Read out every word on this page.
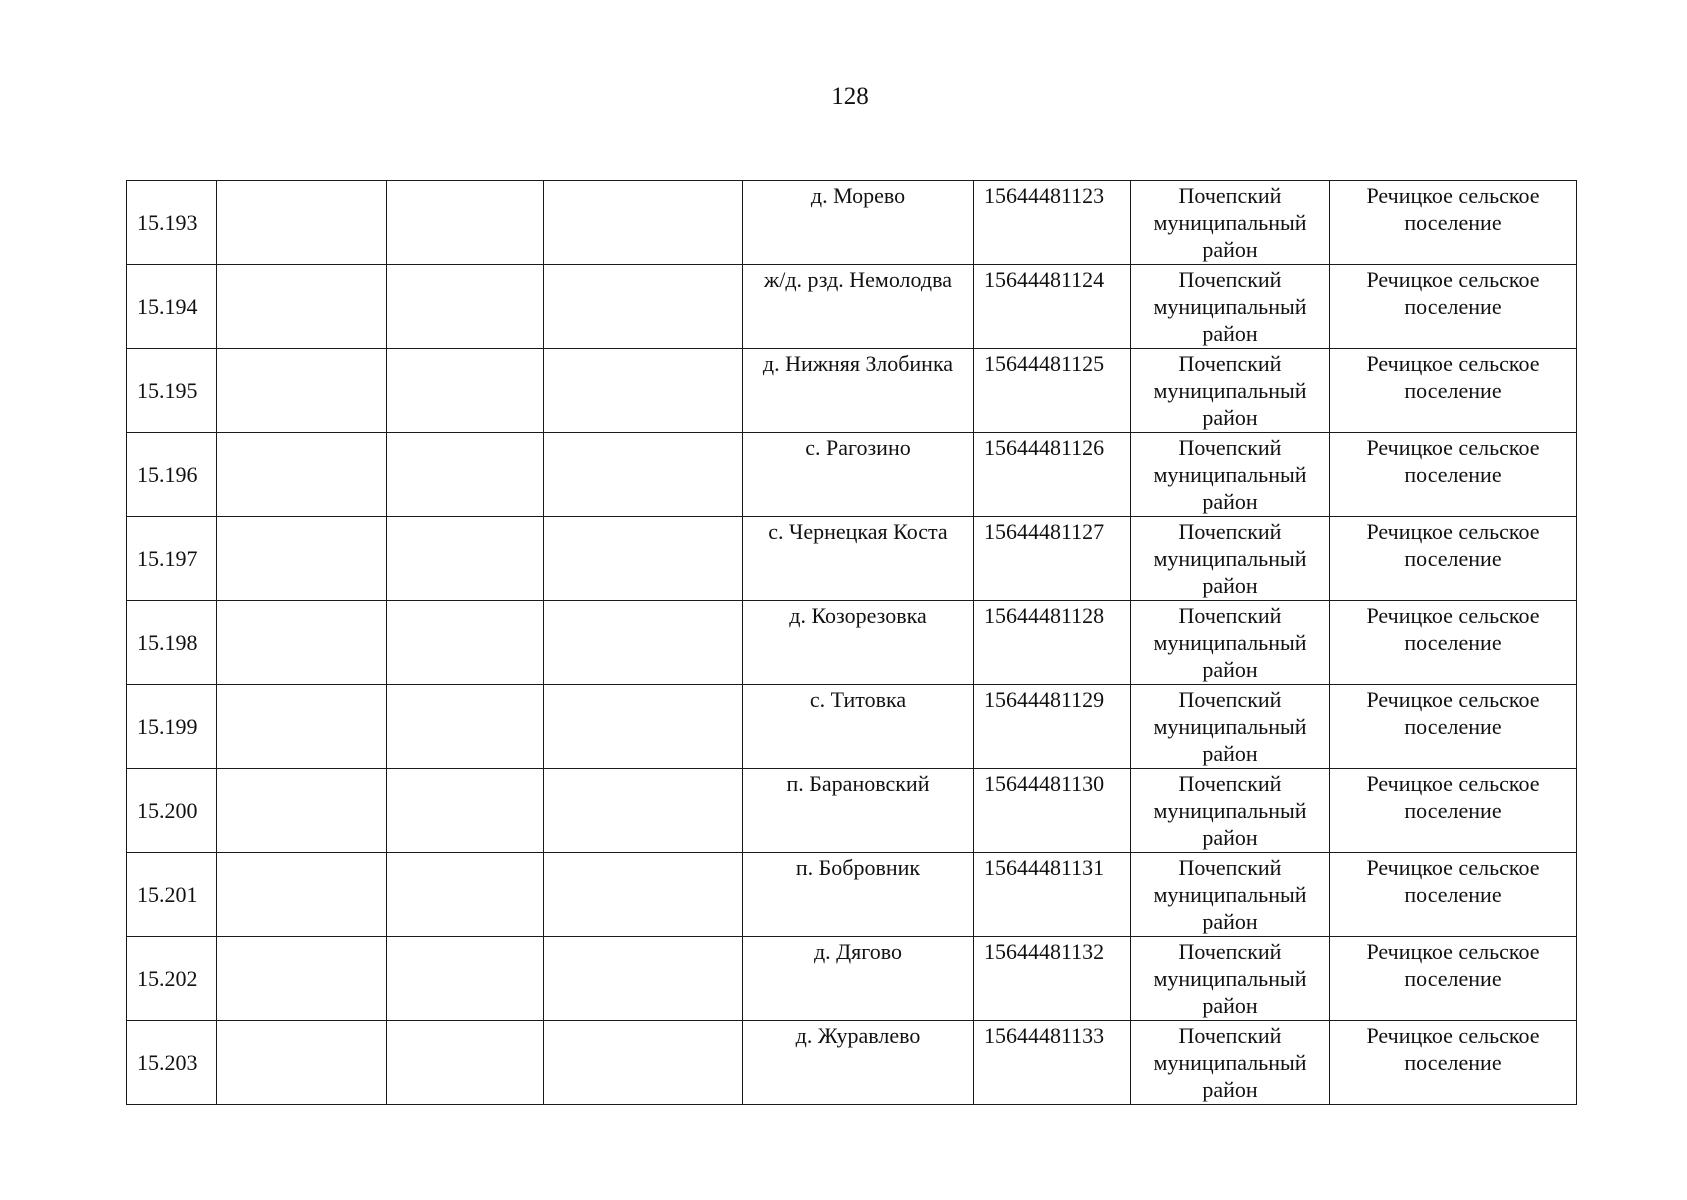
128
15.193				д. Морево	15644481123	Почепский муниципальный район	Речицкое сельское поселение
15.194				ж/д. рзд. Немолодва	15644481124	Почепский муниципальный район	Речицкое сельское поселение
15.195				д. Нижняя Злобинка	15644481125	Почепский муниципальный район	Речицкое сельское поселение
15.196				с. Рагозино	15644481126	Почепский муниципальный район	Речицкое сельское поселение
15.197				с. Чернецкая Коста	15644481127	Почепский муниципальный район	Речицкое сельское поселение
15.198				д. Козорезовка	15644481128	Почепский муниципальный район	Речицкое сельское поселение
15.199				с. Титовка	15644481129	Почепский муниципальный район	Речицкое сельское поселение
15.200				п. Барановский	15644481130	Почепский муниципальный район	Речицкое сельское поселение
15.201				п. Бобровник	15644481131	Почепский муниципальный район	Речицкое сельское поселение
15.202				д. Дягово	15644481132	Почепский муниципальный район	Речицкое сельское поселение
15.203				д. Журавлево	15644481133	Почепский муниципальный район	Речицкое сельское поселение
